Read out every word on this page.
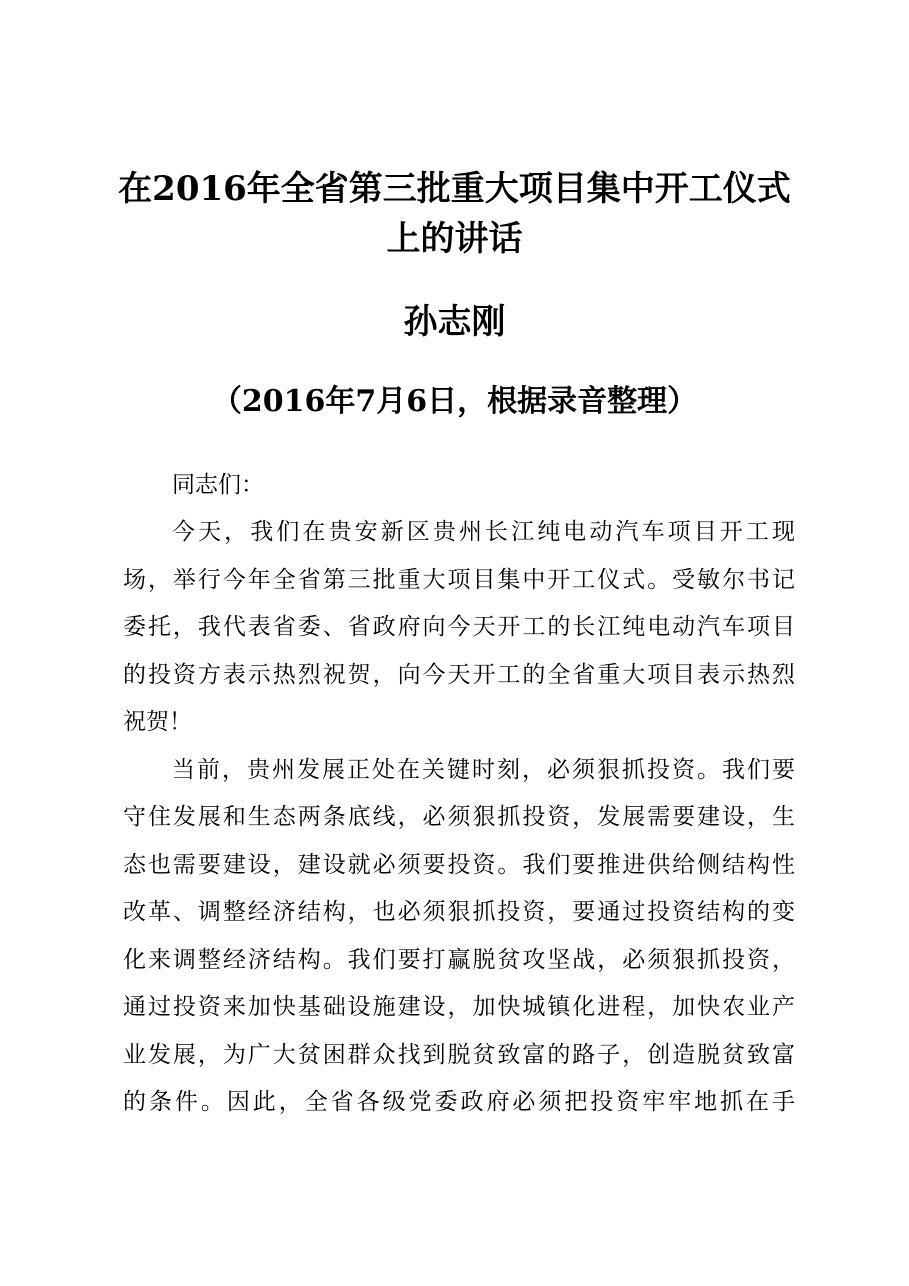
在2016年全省第三批重大项目集中开工仪式
上的讲话
孙志刚
（2016年7月6日，根据录音整理）
同志们：
今天，我们在贵安新区贵州长江纯电动汽车项目开工现
场，举行今年全省第三批重大项目集中开工仪式。受敏尔书记
委托，我代表省委、省政府向今天开工的长江纯电动汽车项目
的投资方表示热烈祝贺，向今天开工的全省重大项目表示热烈
祝贺！
当前，贵州发展正处在关键时刻，必须狠抓投资。我们要
守住发展和生态两条底线，必须狠抓投资，发展需要建设，生
态也需要建设，建设就必须要投资。我们要推进供给侧结构性
改革、调整经济结构，也必须狠抓投资，要通过投资结构的变
化来调整经济结构。我们要打赢脱贫攻坚战，必须狠抓投资，
通过投资来加快基础设施建设，加快城镇化进程，加快农业产
业发展，为广大贫困群众找到脱贫致富的路子，创造脱贫致富
的条件。因此，全省各级党委政府必须把投资牢牢地抓在手
